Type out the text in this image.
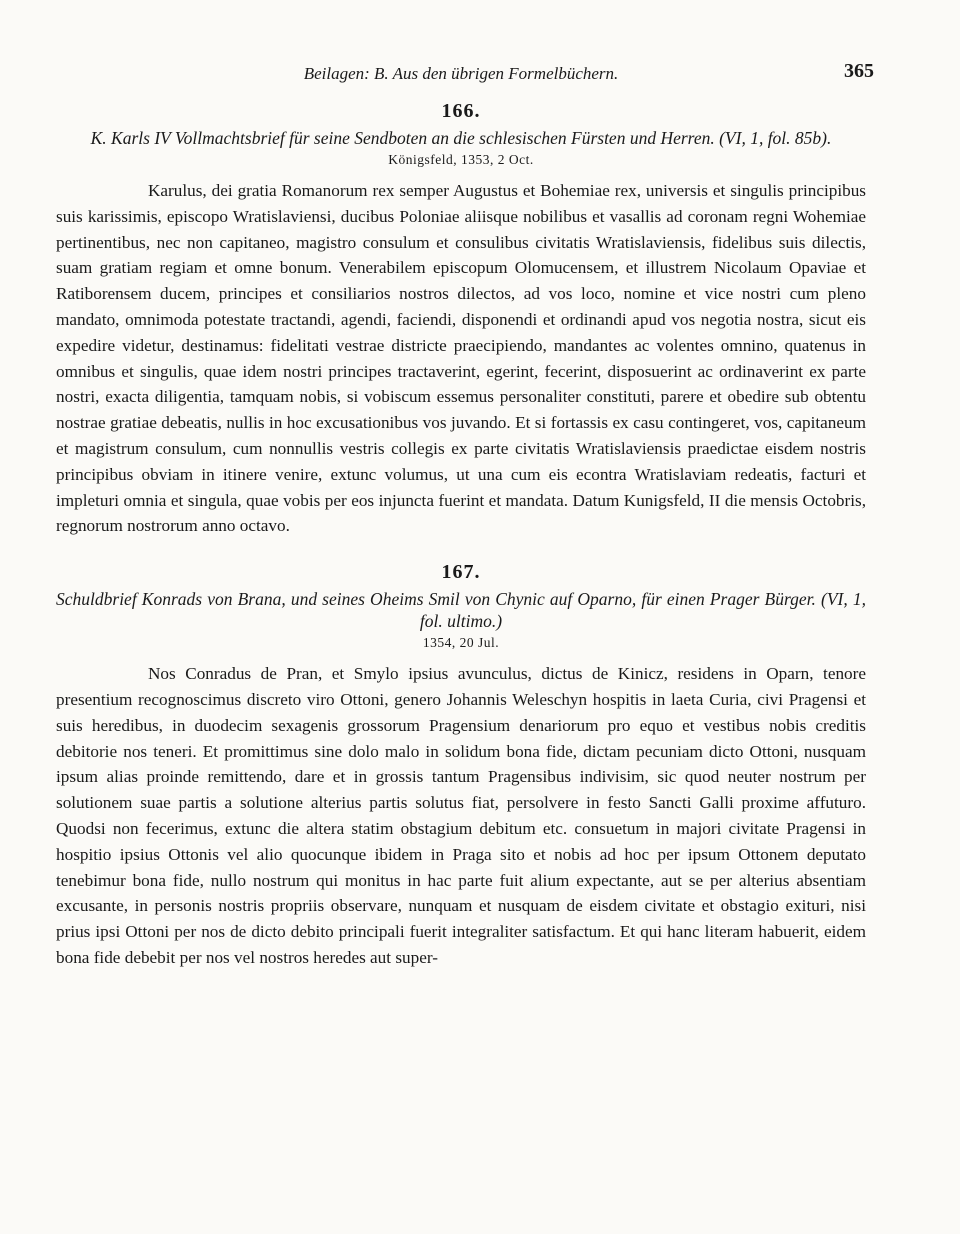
Beilagen: B. Aus den übrigen Formelbüchern.	365
166.
K. Karls IV Vollmachtsbrief für seine Sendboten an die schlesischen Fürsten und Herren. (VI, 1, fol. 85b).
Königsfeld, 1353, 2 Oct.

Karulus, dei gratia Romanorum rex semper Augustus et Bohemiae rex, universis et singulis principibus suis karissimis, episcopo Wratislaviensi, ducibus Poloniae aliisque nobilibus et vasallis ad coronam regni Wohemiae pertinentibus, nec non capitaneo, magistro consulum et consulibus civitatis Wratislaviensis, fidelibus suis dilectis, suam gratiam regiam et omne bonum. Venerabilem episcopum Olomucensem, et illustrem Nicolaum Opaviae et Ratiborensem ducem, principes et consiliarios nostros dilectos, ad vos loco, nomine et vice nostri cum pleno mandato, omnimoda potestate tractandi, agendi, faciendi, disponendi et ordinandi apud vos negotia nostra, sicut eis expedire videtur, destinamus: fidelitati vestrae districte praecipiendo, mandantes ac volentes omnino, quatenus in omnibus et singulis, quae idem nostri principes tractaverint, egerint, fecerint, disposuerint ac ordinaverint ex parte nostri, exacta diligentia, tamquam nobis, si vobiscum essemus personaliter constituti, parere et obedire sub obtentu nostrae gratiae debeatis, nullis in hoc excusationibus vos juvando. Et si fortassis ex casu contingeret, vos, capitaneum et magistrum consulum, cum nonnullis vestris collegis ex parte civitatis Wratislaviensis praedictae eisdem nostris principibus obviam in itinere venire, extunc volumus, ut una cum eis econtra Wratislaviam redeatis, facturi et impleturi omnia et singula, quae vobis per eos injuncta fuerint et mandata. Datum Kunigsfeld, II die mensis Octobris, regnorum nostrorum anno octavo.

167.
Schuldbrief Konrads von Brana, und seines Oheims Smil von Chynic auf Oparno, für einen Prager Bürger. (VI, 1, fol. ultimo.)
1354, 20 Jul.

Nos Conradus de Pran, et Smylo ipsius avunculus, dictus de Kinicz, residens in Oparn, tenore presentium recognoscimus discreto viro Ottoni, genero Johannis Weleschyn hospitis in laeta Curia, civi Pragensi et suis heredibus, in duodecim sexagenis grossorum Pragensium denariorum pro equo et vestibus nobis creditis debitorie nos teneri. Et promittimus sine dolo malo in solidum bona fide, dictam pecuniam dicto Ottoni, nusquam ipsum alias proinde remittendo, dare et in grossis tantum Pragensibus indivisim, sic quod neuter nostrum per solutionem suae partis a solutione alterius partis solutus fiat, persolvere in festo Sancti Galli proxime affuturo. Quodsi non fecerimus, extunc die altera statim obstagium debitum etc. consuetum in majori civitate Pragensi in hospitio ipsius Ottonis vel alio quocunque ibidem in Praga sito et nobis ad hoc per ipsum Ottonem deputato tenebimur bona fide, nullo nostrum qui monitus in hac parte fuit alium expectante, aut se per alterius absentiam excusante, in personis nostris propriis observare, nunquam et nusquam de eisdem civitate et obstagio exituri, nisi prius ipsi Ottoni per nos de dicto debito principali fuerit integraliter satisfactum. Et qui hanc literam habuerit, eidem bona fide debebit per nos vel nostros heredes aut super-
